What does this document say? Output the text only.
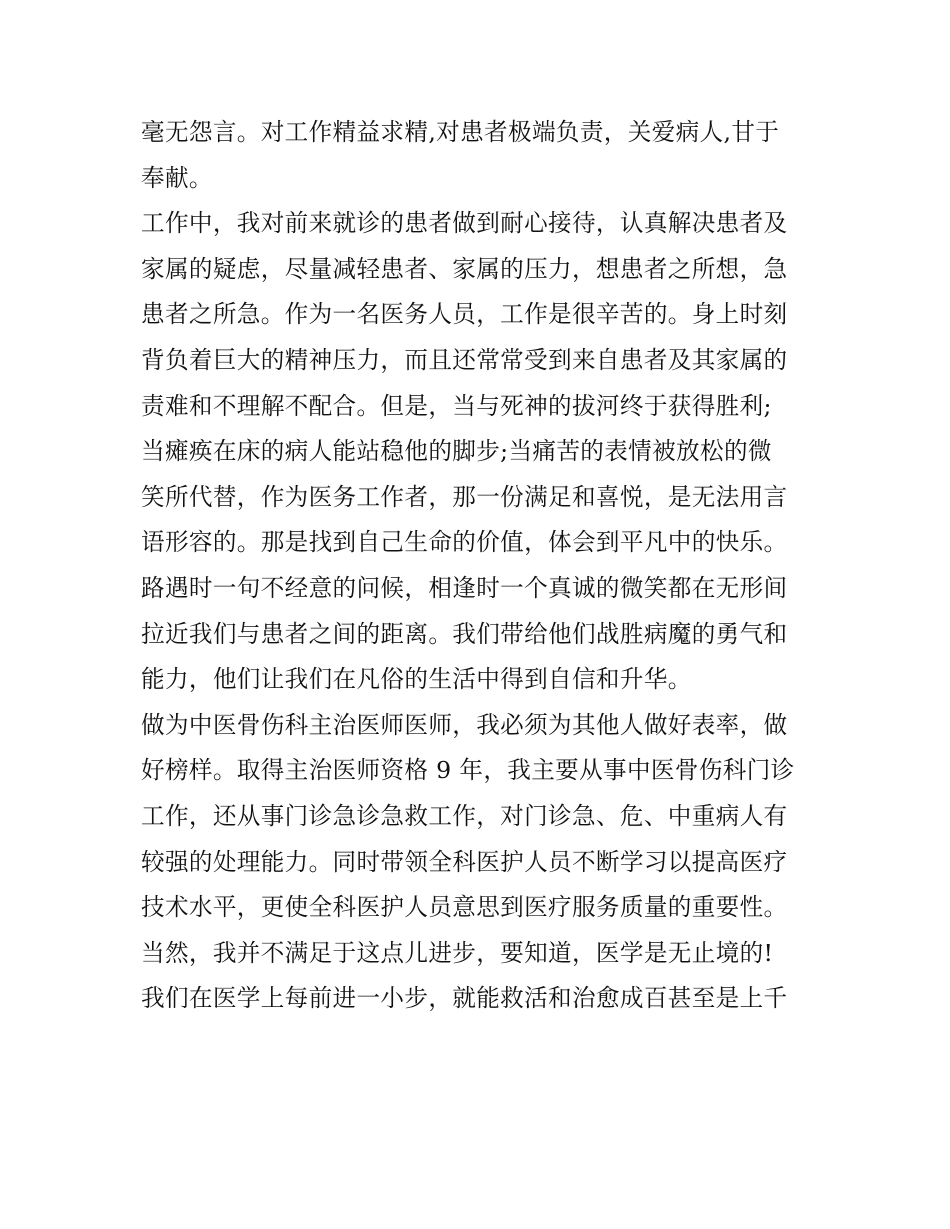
毫无怨言。对工作精益求精,对患者极端负责，关爱病人,甘于
奉献。
工作中，我对前来就诊的患者做到耐心接待，认真解决患者及
家属的疑虑，尽量减轻患者、家属的压力，想患者之所想，急
患者之所急。作为一名医务人员，工作是很辛苦的。身上时刻
背负着巨大的精神压力，而且还常常受到来自患者及其家属的
责难和不理解不配合。但是，当与死神的拔河终于获得胜利;
当瘫痪在床的病人能站稳他的脚步;当痛苦的表情被放松的微
笑所代替，作为医务工作者，那一份满足和喜悦，是无法用言
语形容的。那是找到自己生命的价值，体会到平凡中的快乐。
路遇时一句不经意的问候，相逢时一个真诚的微笑都在无形间
拉近我们与患者之间的距离。我们带给他们战胜病魔的勇气和
能力，他们让我们在凡俗的生活中得到自信和升华。
做为中医骨伤科主治医师医师，我必须为其他人做好表率，做
好榜样。取得主治医师资格 9 年，我主要从事中医骨伤科门诊
工作，还从事门诊急诊急救工作，对门诊急、危、中重病人有
较强的处理能力。同时带领全科医护人员不断学习以提高医疗
技术水平，更使全科医护人员意思到医疗服务质量的重要性。
当然，我并不满足于这点儿进步，要知道，医学是无止境的!
我们在医学上每前进一小步，就能救活和治愈成百甚至是上千
